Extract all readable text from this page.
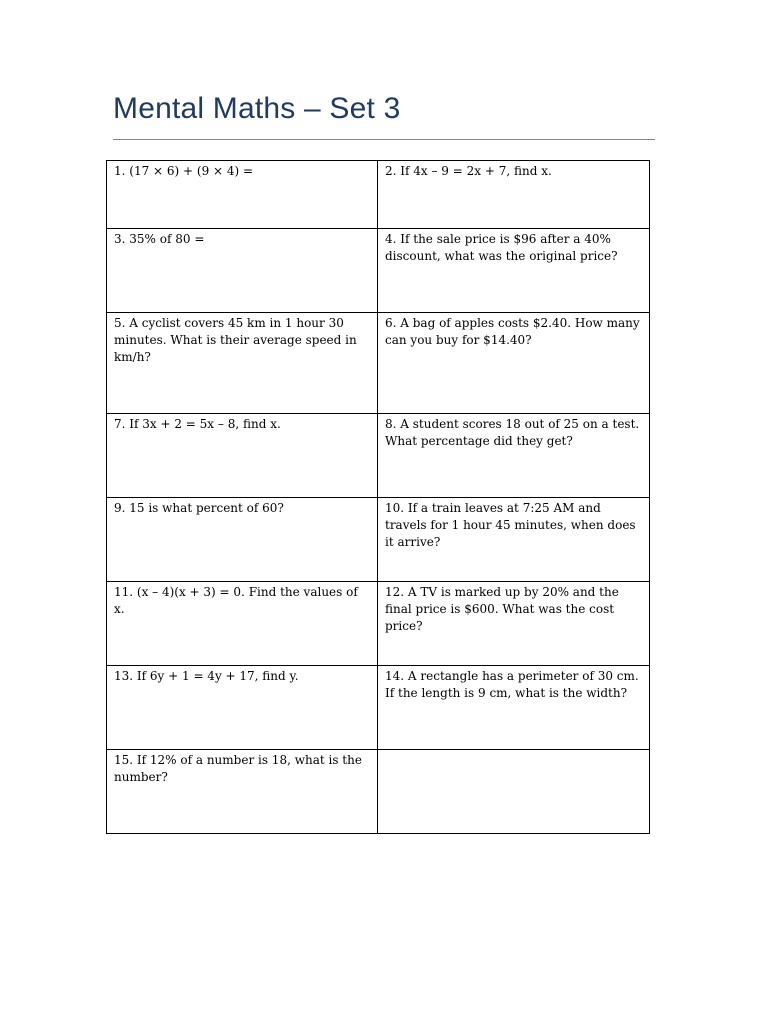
Mental Maths – Set 3
1. (17 × 6) + (9 × 4) =	2. If 4x – 9 = 2x + 7, find x.
3. 35% of 80 =	4. If the sale price is $96 after a 40% discount, what was the original price?
5. A cyclist covers 45 km in 1 hour 30 minutes. What is their average speed in km/h?	6. A bag of apples costs $2.40. How many can you buy for $14.40?
7. If 3x + 2 = 5x – 8, find x.	8. A student scores 18 out of 25 on a test. What percentage did they get?
9. 15 is what percent of 60?	10. If a train leaves at 7:25 AM and travels for 1 hour 45 minutes, when does it arrive?
11. (x – 4)(x + 3) = 0. Find the values of x.	12. A TV is marked up by 20% and the final price is $600. What was the cost price?
13. If 6y + 1 = 4y + 17, find y.	14. A rectangle has a perimeter of 30 cm. If the length is 9 cm, what is the width?
15. If 12% of a number is 18, what is the number?	
